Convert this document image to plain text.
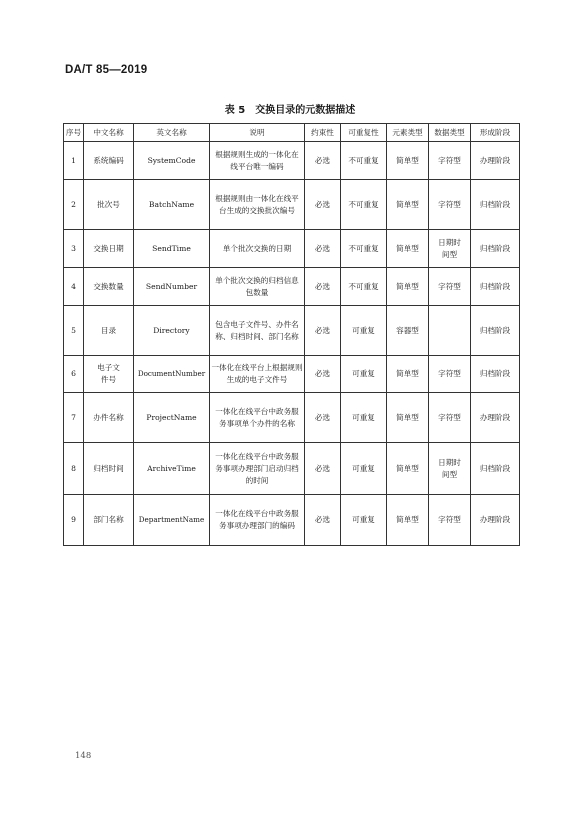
DA/T 85—2019
表 5　交换目录的元数据描述
序号	中文名称	英文名称	说明	约束性	可重复性	元素类型	数据类型	形成阶段
1	系统编码	SystemCode	根据规则生成的一体化在线平台唯一编码	必选	不可重复	简单型	字符型	办理阶段
2	批次号	BatchName	根据规则由一体化在线平台生成的交换批次编号	必选	不可重复	简单型	字符型	归档阶段
3	交换日期	SendTime	单个批次交换的日期	必选	不可重复	简单型	日期时间型	归档阶段
4	交换数量	SendNumber	单个批次交换的归档信息包数量	必选	不可重复	简单型	字符型	归档阶段
5	目录	Directory	包含电子文件号、办件名称、归档时间、部门名称	必选	可重复	容器型		归档阶段
6	电子文件号	DocumentNumber	一体化在线平台上根据规则生成的电子文件号	必选	可重复	简单型	字符型	归档阶段
7	办件名称	ProjectName	一体化在线平台中政务服务事项单个办件的名称	必选	可重复	简单型	字符型	办理阶段
8	归档时间	ArchiveTime	一体化在线平台中政务服务事项办理部门启动归档的时间	必选	可重复	简单型	日期时间型	归档阶段
9	部门名称	DepartmentName	一体化在线平台中政务服务事项办理部门的编码	必选	可重复	简单型	字符型	办理阶段
148
